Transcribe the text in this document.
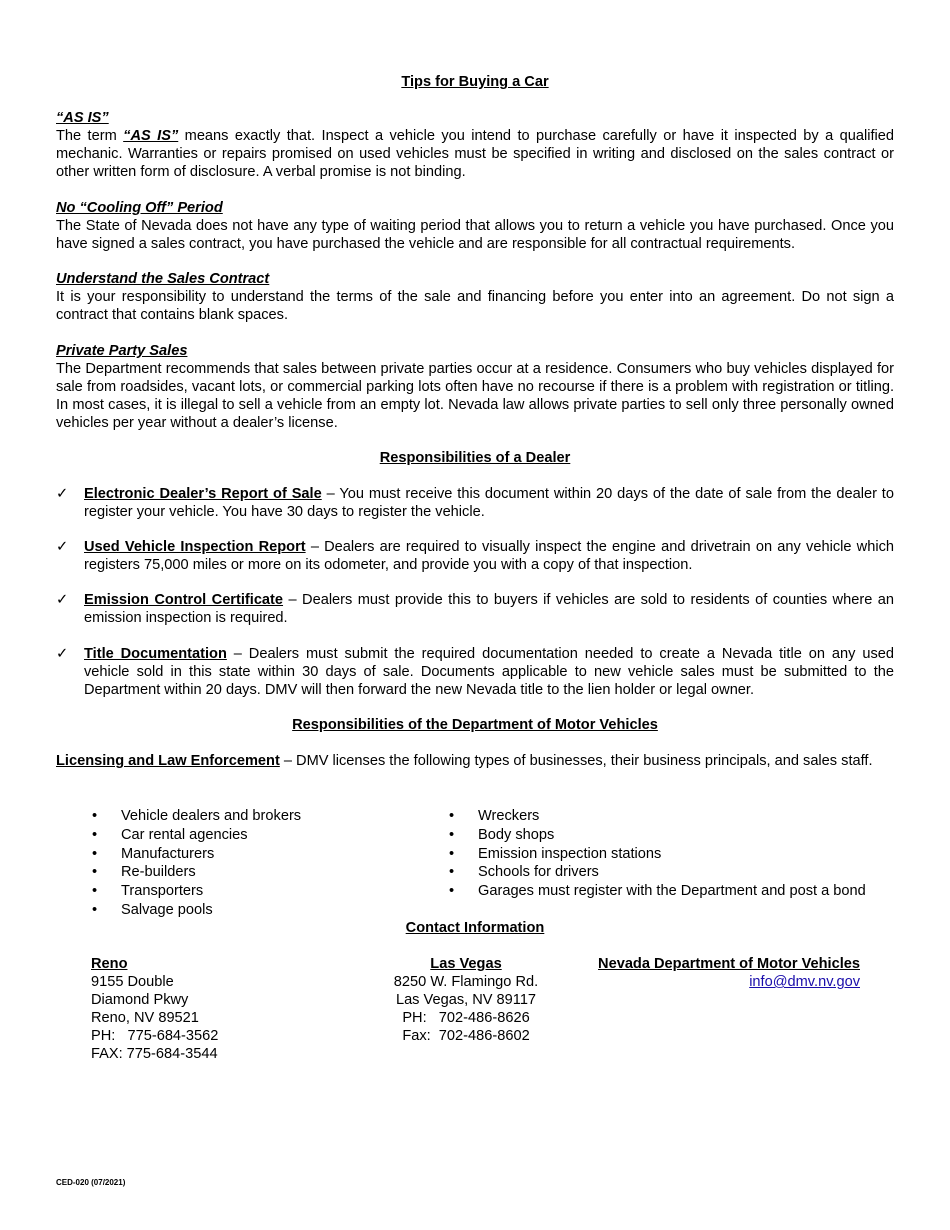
Tips for Buying a Car
“AS IS”
The term “AS IS” means exactly that. Inspect a vehicle you intend to purchase carefully or have it inspected by a qualified mechanic. Warranties or repairs promised on used vehicles must be specified in writing and disclosed on the sales contract or other written form of disclosure. A verbal promise is not binding.
No “Cooling Off” Period
The State of Nevada does not have any type of waiting period that allows you to return a vehicle you have purchased. Once you have signed a sales contract, you have purchased the vehicle and are responsible for all contractual requirements.
Understand the Sales Contract
It is your responsibility to understand the terms of the sale and financing before you enter into an agreement. Do not sign a contract that contains blank spaces.
Private Party Sales
The Department recommends that sales between private parties occur at a residence. Consumers who buy vehicles displayed for sale from roadsides, vacant lots, or commercial parking lots often have no recourse if there is a problem with registration or titling. In most cases, it is illegal to sell a vehicle from an empty lot. Nevada law allows private parties to sell only three personally owned vehicles per year without a dealer’s license.
Responsibilities of a Dealer
✓	Electronic Dealer’s Report of Sale – You must receive this document within 20 days of the date of sale from the dealer to register your vehicle. You have 30 days to register the vehicle.
✓	Used Vehicle Inspection Report – Dealers are required to visually inspect the engine and drivetrain on any vehicle which registers 75,000 miles or more on its odometer, and provide you with a copy of that inspection.
✓	Emission Control Certificate – Dealers must provide this to buyers if vehicles are sold to residents of counties where an emission inspection is required.
✓	Title Documentation – Dealers must submit the required documentation needed to create a Nevada title on any used vehicle sold in this state within 30 days of sale. Documents applicable to new vehicle sales must be submitted to the Department within 20 days. DMV will then forward the new Nevada title to the lien holder or legal owner.
Responsibilities of the Department of Motor Vehicles
Licensing and Law Enforcement – DMV licenses the following types of businesses, their business principals, and sales staff.
• Vehicle dealers and brokers
• Car rental agencies
• Manufacturers
• Re-builders
• Transporters
• Salvage pools
• Wreckers
• Body shops
• Emission inspection stations
• Schools for drivers
• Garages must register with the Department and post a bond
Contact Information
Reno
9155 Double
Diamond Pkwy
Reno, NV 89521
PH:   775-684-3562
FAX: 775-684-3544
Las Vegas
8250 W. Flamingo Rd.
Las Vegas, NV 89117
PH:   702-486-8626
Fax:  702-486-8602
Nevada Department of Motor Vehicles
info@dmv.nv.gov
CED-020 (07/2021)
